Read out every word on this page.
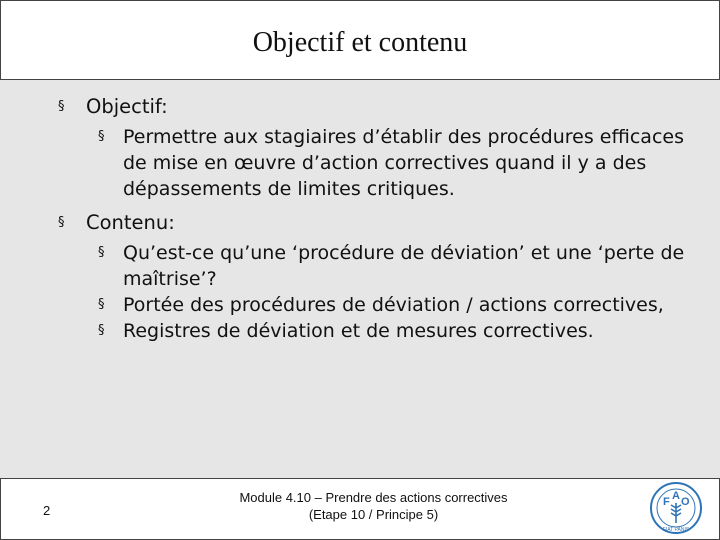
Objectif et contenu
§ Objectif:
§ Permettre aux stagiaires d’établir des procédures efficaces de mise en œuvre d’action correctives quand il y a des dépassements de limites critiques.
§ Contenu:
§ Qu’est-ce qu’une ‘procédure de déviation’ et une ‘perte de maîtrise’?
§ Portée des procédures de déviation / actions correctives,
§ Registres de déviation et de mesures correctives.
2
Module 4.10 – Prendre des actions correctives
(Etape 10 / Principe 5)
F A O
FIAT PANIS
